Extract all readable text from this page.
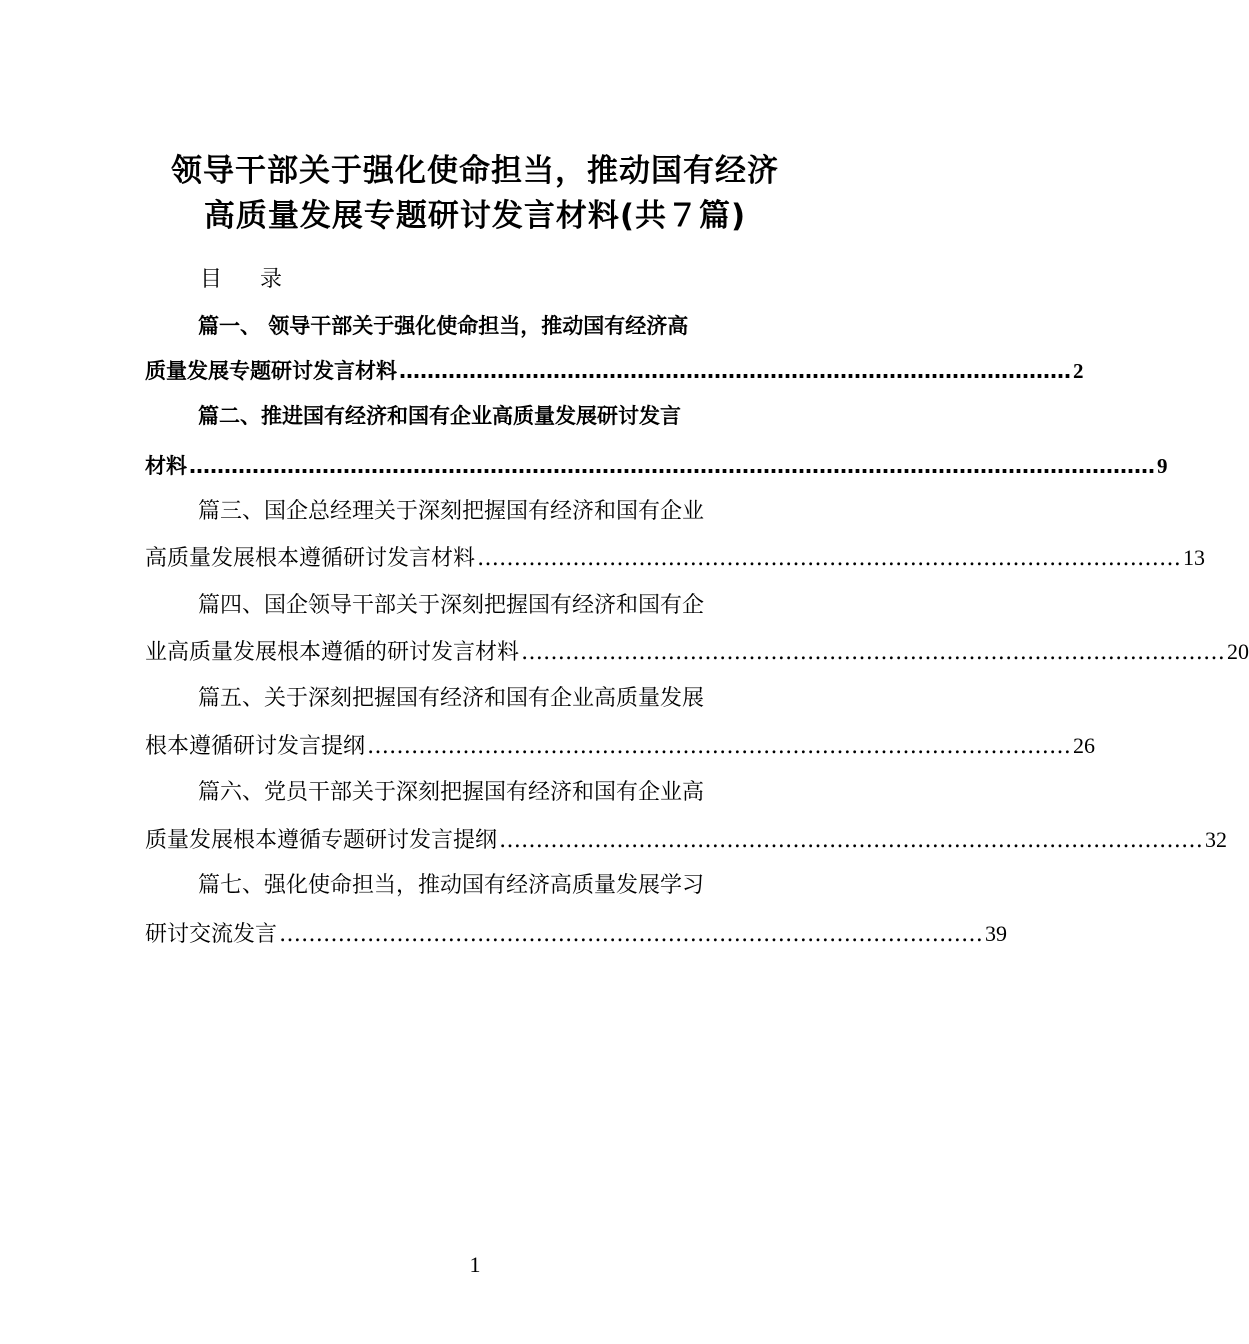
领导干部关于强化使命担当，推动国有经济
高质量发展专题研讨发言材料(共７篇)
目    录
篇一、 领导干部关于强化使命担当，推动国有经济高
质量发展专题研讨发言材料 …………………………………………………………………………………… 2
篇二、推进国有经济和国有企业高质量发展研讨发言
材料 ………………………………………………………………………………………………………………………… 9
篇三、国企总经理关于深刻把握国有经济和国有企业
高质量发展根本遵循研讨发言材料 …………………………………………………………………………………… 13
篇四、国企领导干部关于深刻把握国有经济和国有企
业高质量发展根本遵循的研讨发言材料 …………………………………………………………………………………… 20
篇五、关于深刻把握国有经济和国有企业高质量发展
根本遵循研讨发言提纲 …………………………………………………………………………………… 26
篇六、党员干部关于深刻把握国有经济和国有企业高
质量发展根本遵循专题研讨发言提纲 …………………………………………………………………………………… 32
篇七、强化使命担当，推动国有经济高质量发展学习
研讨交流发言 …………………………………………………………………………………… 39
1
